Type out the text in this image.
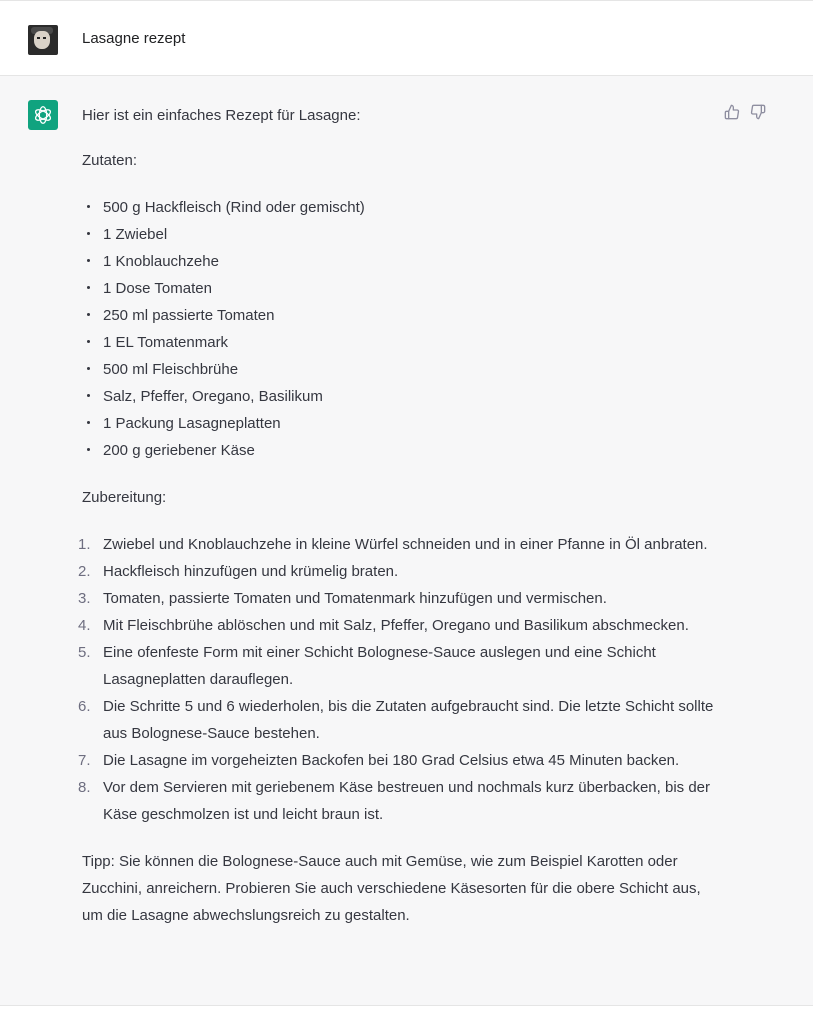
Lasagne rezept

Hier ist ein einfaches Rezept für Lasagne:

Zutaten:

500 g Hackfleisch (Rind oder gemischt)
1 Zwiebel
1 Knoblauchzehe
1 Dose Tomaten
250 ml passierte Tomaten
1 EL Tomatenmark
500 ml Fleischbrühe
Salz, Pfeffer, Oregano, Basilikum
1 Packung Lasagneplatten
200 g geriebener Käse

Zubereitung:

1. Zwiebel und Knoblauchzehe in kleine Würfel schneiden und in einer Pfanne in Öl anbraten.
2. Hackfleisch hinzufügen und krümelig braten.
3. Tomaten, passierte Tomaten und Tomatenmark hinzufügen und vermischen.
4. Mit Fleischbrühe ablöschen und mit Salz, Pfeffer, Oregano und Basilikum abschmecken.
5. Eine ofenfeste Form mit einer Schicht Bolognese-Sauce auslegen und eine Schicht Lasagneplatten darauflegen.
6. Die Schritte 5 und 6 wiederholen, bis die Zutaten aufgebraucht sind. Die letzte Schicht sollte aus Bolognese-Sauce bestehen.
7. Die Lasagne im vorgeheizten Backofen bei 180 Grad Celsius etwa 45 Minuten backen.
8. Vor dem Servieren mit geriebenem Käse bestreuen und nochmals kurz überbacken, bis der Käse geschmolzen ist und leicht braun ist.

Tipp: Sie können die Bolognese-Sauce auch mit Gemüse, wie zum Beispiel Karotten oder Zucchini, anreichern. Probieren Sie auch verschiedene Käsesorten für die obere Schicht aus, um die Lasagne abwechslungsreich zu gestalten.
